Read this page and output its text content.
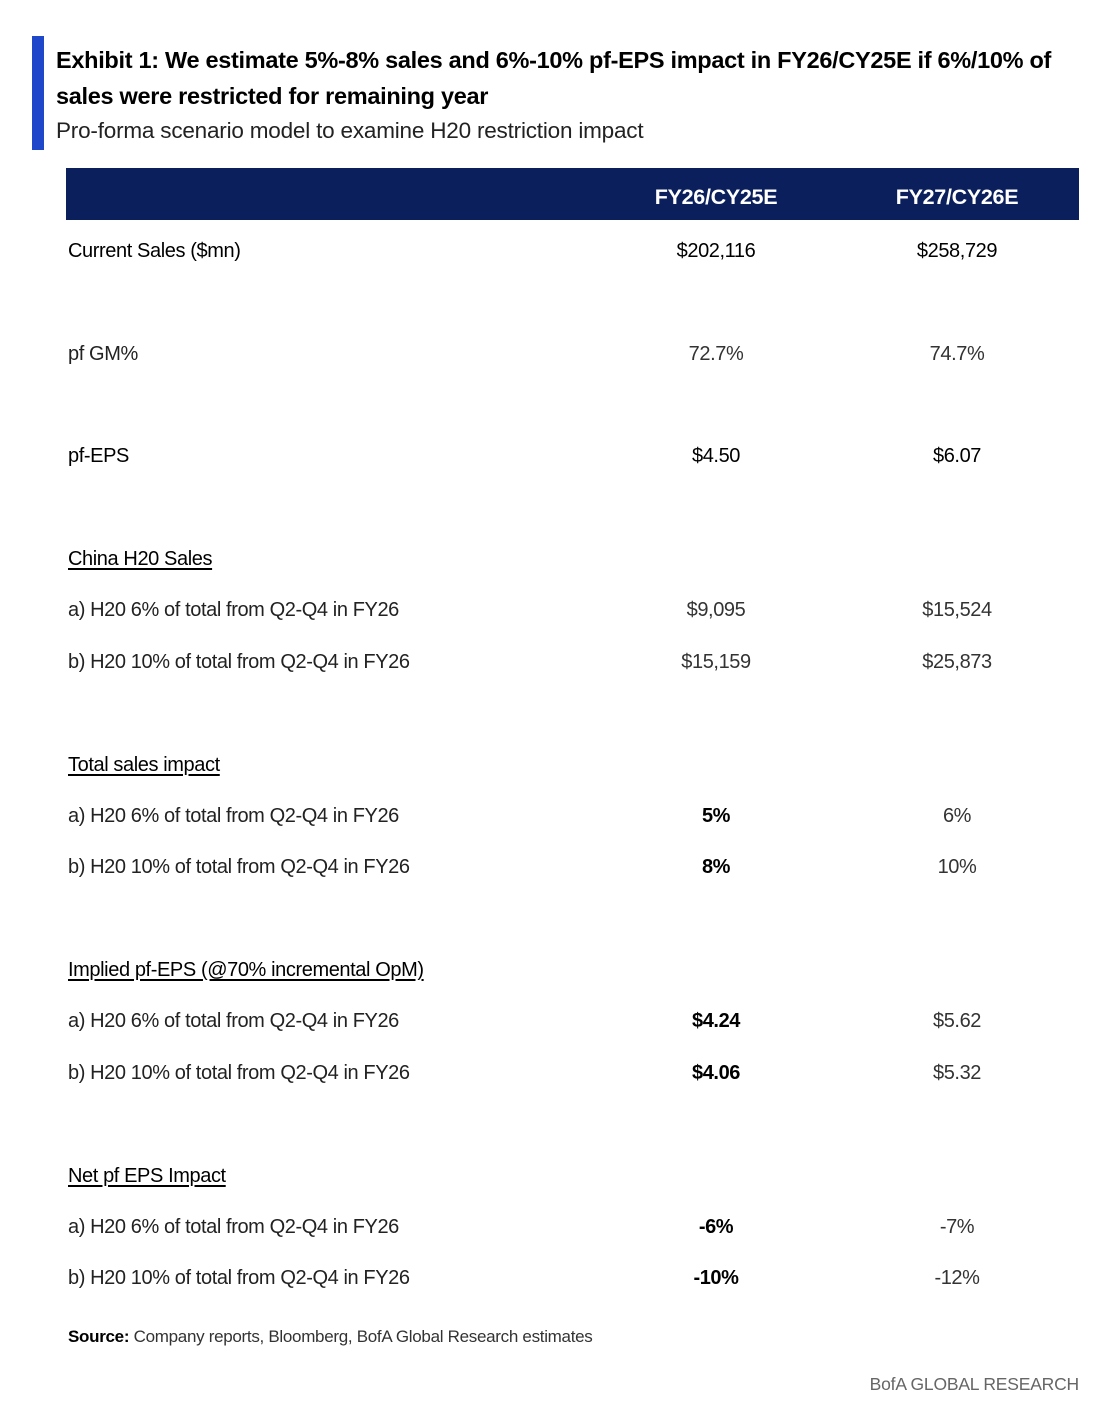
Exhibit 1: We estimate 5%-8% sales and 6%-10% pf-EPS impact in FY26/CY25E if 6%/10% of sales were restricted for remaining year
Pro-forma scenario model to examine H20 restriction impact
FY26/CY25E	FY27/CY26E
Current Sales ($mn)	$202,116	$258,729
pf GM%	72.7%	74.7%
pf-EPS	$4.50	$6.07
China H20 Sales
a) H20 6% of total from Q2-Q4 in FY26	$9,095	$15,524
b) H20 10% of total from Q2-Q4 in FY26	$15,159	$25,873
Total sales impact
a) H20 6% of total from Q2-Q4 in FY26	5%	6%
b) H20 10% of total from Q2-Q4 in FY26	8%	10%
Implied pf-EPS (@70% incremental OpM)
a) H20 6% of total from Q2-Q4 in FY26	$4.24	$5.62
b) H20 10% of total from Q2-Q4 in FY26	$4.06	$5.32
Net pf EPS Impact
a) H20 6% of total from Q2-Q4 in FY26	-6%	-7%
b) H20 10% of total from Q2-Q4 in FY26	-10%	-12%
Source: Company reports, Bloomberg, BofA Global Research estimates
BofA GLOBAL RESEARCH
